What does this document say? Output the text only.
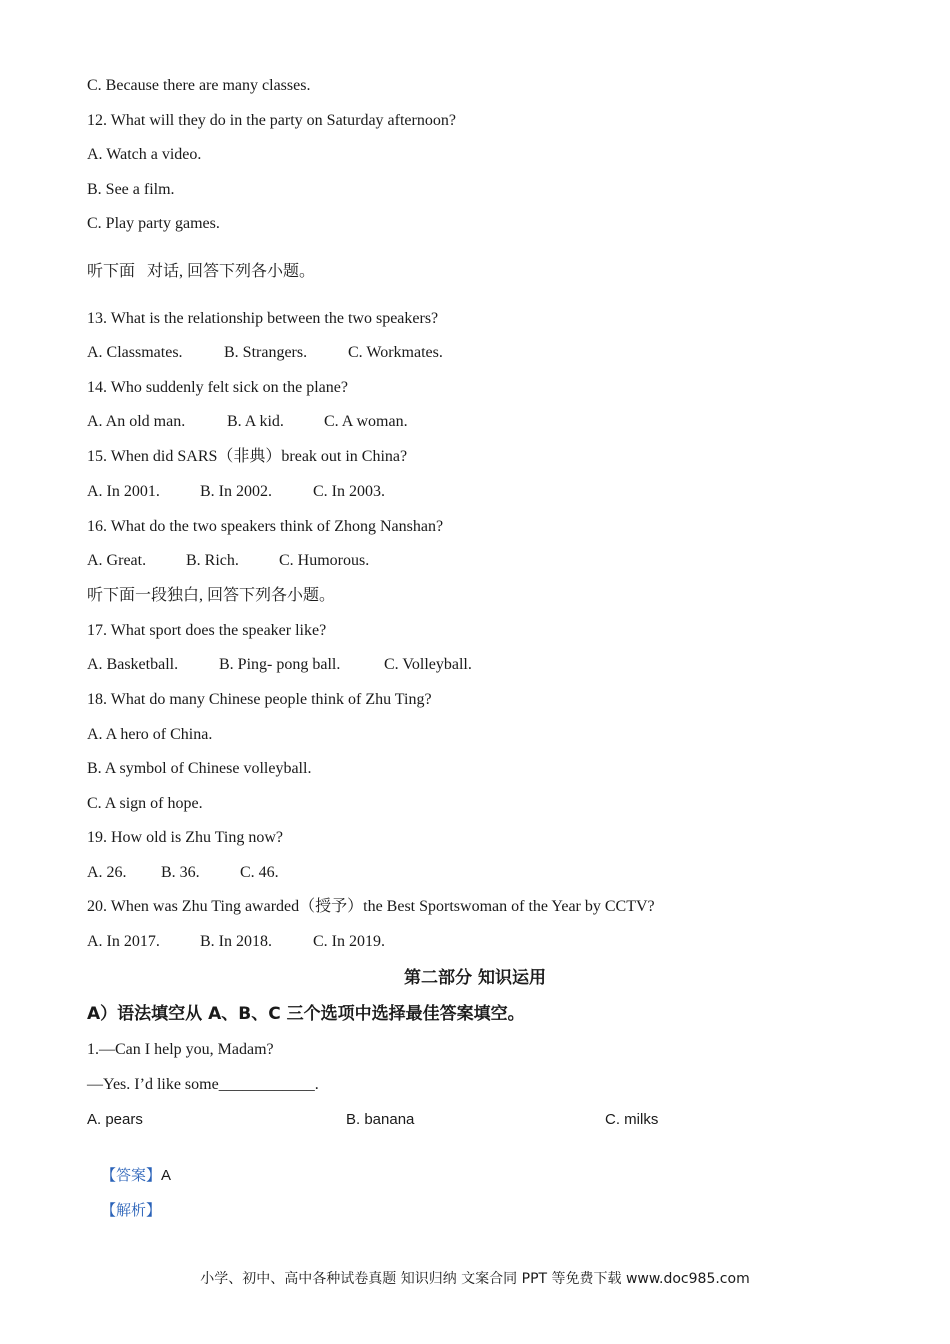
C. Because there are many classes.
12. What will they do in the party on Saturday afternoon?
A. Watch a video.
B. See a film.
C. Play party games.
听下面   对话, 回答下列各小题。
13. What is the relationship between the two speakers?
A. Classmates.	B. Strangers.	C. Workmates.
14. Who suddenly felt sick on the plane?
A. An old man.	B. A kid.	C. A woman.
15. When did SARS（非典）break out in China?
A. In 2001.	B. In 2002.	C. In 2003.
16. What do the two speakers think of Zhong Nanshan?
A. Great. B. Rich.	C. Humorous.
听下面一段独白, 回答下列各小题。
17. What sport does the speaker like?
A. Basketball.	B. Ping- pong ball.	C. Volleyball.
18. What do many Chinese people think of Zhu Ting?
A. A hero of China.
B. A symbol of Chinese volleyball.
C. A sign of hope.
19. How old is Zhu Ting now?
A. 26. B. 36.	C. 46.
20. When was Zhu Ting awarded（授予）the Best Sportswoman of the Year by CCTV?
A. In 2017.	B. In 2018.	C. In 2019.
第二部分 知识运用
A）语法填空从 A、B、C 三个选项中选择最佳答案填空。
1.—Can I help you, Madam?
—Yes. I’d like some____________.
A. pears	B. banana	C. milks

【答案】A

【解析】

小学、初中、高中各种试卷真题 知识归纳 文案合同 PPT 等免费下载 www.doc985.com
